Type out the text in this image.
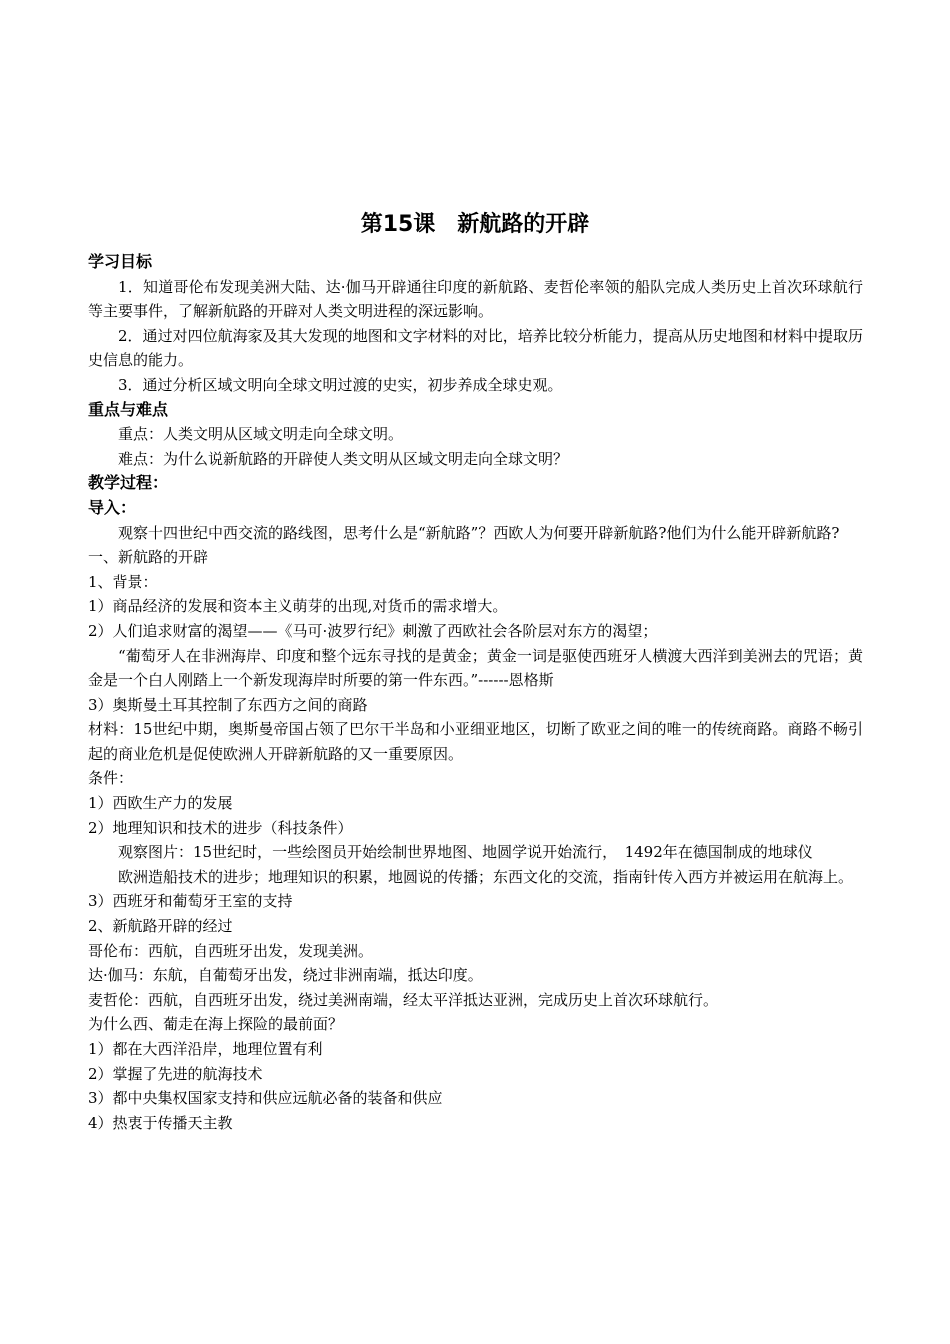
第15课　新航路的开辟

学习目标

1．知道哥伦布发现美洲大陆、达·伽马开辟通往印度的新航路、麦哲伦率领的船队完成人类历史上首次环球航行等主要事件，了解新航路的开辟对人类文明进程的深远影响。

2．通过对四位航海家及其大发现的地图和文字材料的对比，培养比较分析能力，提高从历史地图和材料中提取历史信息的能力。

3．通过分析区域文明向全球文明过渡的史实，初步养成全球史观。

重点与难点

重点：人类文明从区域文明走向全球文明。

难点：为什么说新航路的开辟使人类文明从区域文明走向全球文明？

教学过程：

导入：

观察十四世纪中西交流的路线图，思考什么是“新航路”？西欧人为何要开辟新航路?他们为什么能开辟新航路?

一、新航路的开辟

1、背景：

1）商品经济的发展和资本主义萌芽的出现,对货币的需求增大。

2）人们追求财富的渴望——《马可·波罗行纪》刺激了西欧社会各阶层对东方的渴望；

“葡萄牙人在非洲海岸、印度和整个远东寻找的是黄金；黄金一词是驱使西班牙人横渡大西洋到美洲去的咒语；黄金是一个白人刚踏上一个新发现海岸时所要的第一件东西。”------恩格斯

3）奥斯曼土耳其控制了东西方之间的商路

材料：15世纪中期，奥斯曼帝国占领了巴尔干半岛和小亚细亚地区，切断了欧亚之间的唯一的传统商路。商路不畅引起的商业危机是促使欧洲人开辟新航路的又一重要原因。

条件：

1）西欧生产力的发展

2）地理知识和技术的进步（科技条件）

观察图片：15世纪时，一些绘图员开始绘制世界地图、地圆学说开始流行，　1492年在德国制成的地球仪

欧洲造船技术的进步；地理知识的积累，地圆说的传播；东西文化的交流，指南针传入西方并被运用在航海上。

3）西班牙和葡萄牙王室的支持

2、新航路开辟的经过

哥伦布：西航，自西班牙出发，发现美洲。

达·伽马：东航，自葡萄牙出发，绕过非洲南端，抵达印度。

麦哲伦：西航，自西班牙出发，绕过美洲南端，经太平洋抵达亚洲，完成历史上首次环球航行。

为什么西、葡走在海上探险的最前面？

1）都在大西洋沿岸，地理位置有利

2）掌握了先进的航海技术

3）都中央集权国家支持和供应远航必备的装备和供应

4）热衷于传播天主教
